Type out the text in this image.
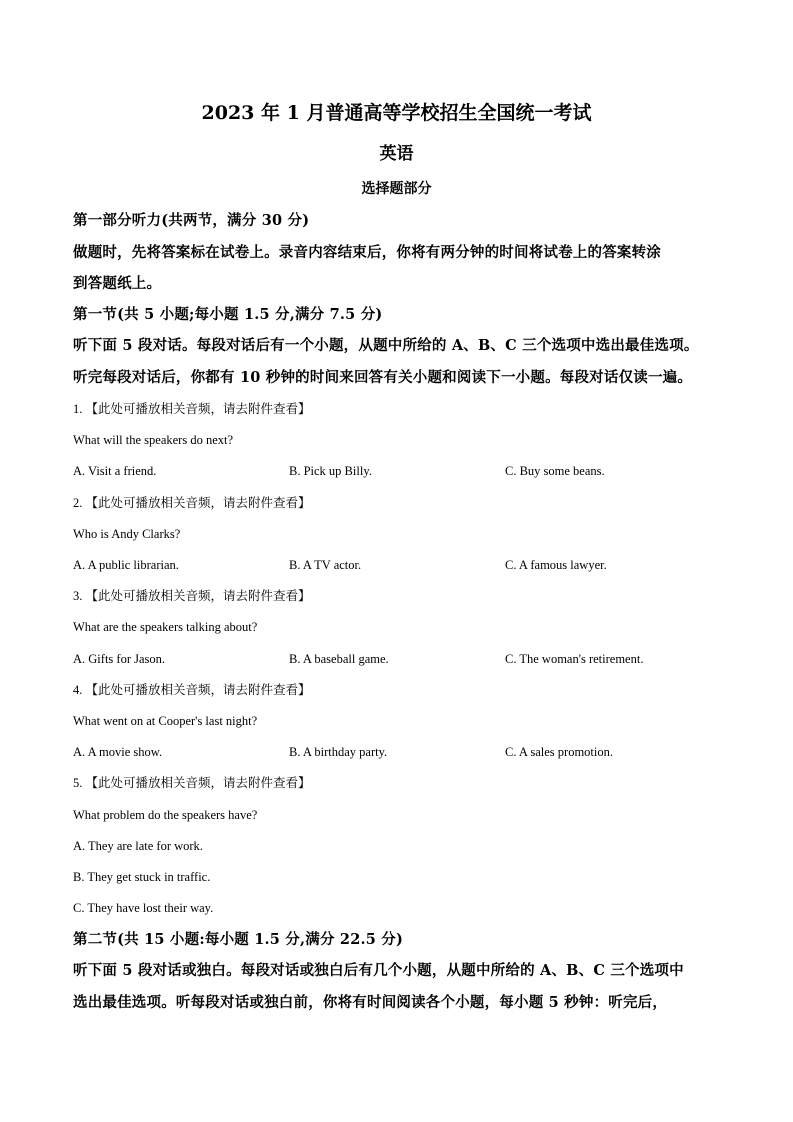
2023 年 1 月普通高等学校招生全国统一考试
英语
选择题部分
第一部分听力(共两节，满分 30 分)
做题时，先将答案标在试卷上。录音内容结束后，你将有两分钟的时间将试卷上的答案转涂
到答题纸上。
第一节(共 5 小题;每小题 1.5 分,满分 7.5 分)
听下面 5 段对话。每段对话后有一个小题，从题中所给的 A、B、C 三个选项中选出最佳选项。
听完每段对话后，你都有 10 秒钟的时间来回答有关小题和阅读下一小题。每段对话仅读一遍。
1. 【此处可播放相关音频，请去附件查看】
What will the speakers do next?
A. Visit a friend.	B. Pick up Billy.	C. Buy some beans.
2. 【此处可播放相关音频，请去附件查看】
Who is Andy Clarks?
A. A public librarian.	B. A TV actor.	C. A famous lawyer.
3. 【此处可播放相关音频，请去附件查看】
What are the speakers talking about?
A. Gifts for Jason.	B. A baseball game.	C. The woman's retirement.
4. 【此处可播放相关音频，请去附件查看】
What went on at Cooper's last night?
A. A movie show.	B. A birthday party.	C. A sales promotion.
5. 【此处可播放相关音频，请去附件查看】
What problem do the speakers have?
A. They are late for work.
B. They get stuck in traffic.
C. They have lost their way.
第二节(共 15 小题:每小题 1.5 分,满分 22.5 分)
听下面 5 段对话或独白。每段对话或独白后有几个小题，从题中所给的 A、B、C 三个选项中
选出最佳选项。听每段对话或独白前，你将有时间阅读各个小题，每小题 5 秒钟：听完后，
